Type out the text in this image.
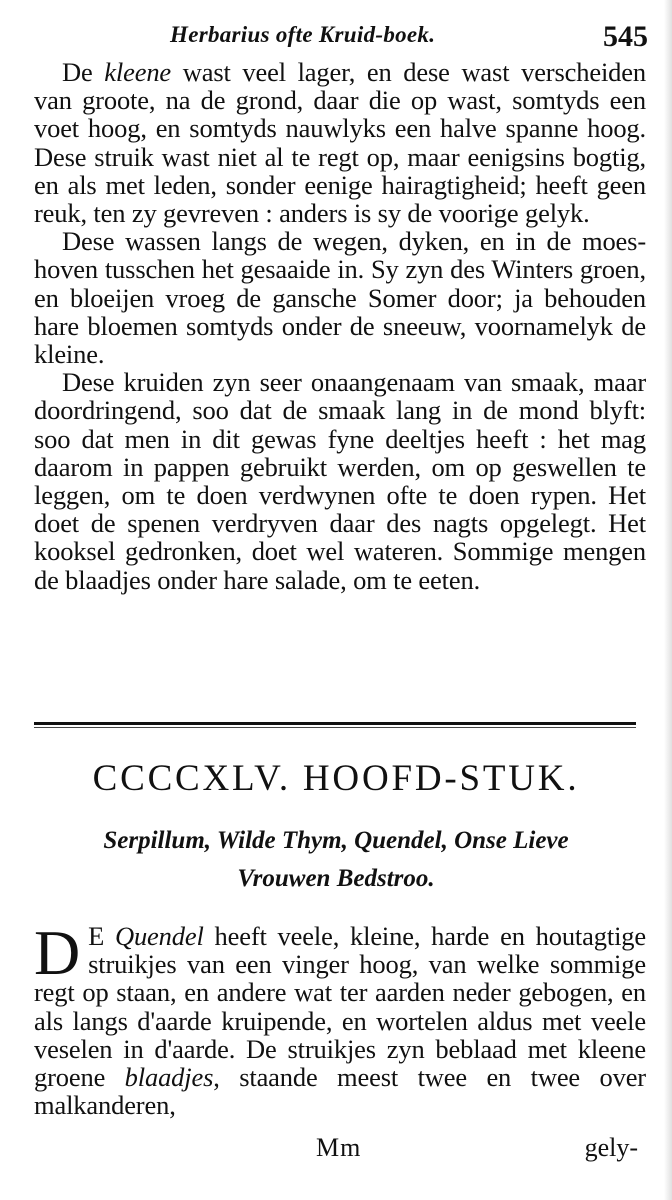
Herbarius ofte Kruid-boek.	545

De kleene wast veel lager, en dese wast verscheiden van groote, na de grond, daar die op wast, somtyds een voet hoog, en somtyds nauwlyks een halve spanne hoog. Dese struik wast niet al te regt op, maar eenigsins bogtig, en als met leden, sonder eenige hairagtigheid; heeft geen reuk, ten zy gevreven : anders is sy de voorige gelyk.

Dese wassen langs de wegen, dyken, en in de moes-hoven tusschen het gesaaide in. Sy zyn des Winters groen, en bloeijen vroeg de gansche Somer door; ja behouden hare bloemen somtyds onder de sneeuw, voornamelyk de kleine.

Dese kruiden zyn seer onaangenaam van smaak, maar doordringend, soo dat de smaak lang in de mond blyft: soo dat men in dit gewas fyne deeltjes heeft : het mag daarom in pappen gebruikt werden, om op geswellen te leggen, om te doen verdwynen ofte te doen rypen. Het doet de spenen verdryven daar des nagts opgelegt. Het kooksel gedronken, doet wel wateren. Sommige mengen de blaadjes onder hare salade, om te eeten.

CCCCXLV. HOOFD-STUK.
Serpillum, Wilde Thym, Quendel, Onse Lieve
Vrouwen Bedstroo.

D E Quendel heeft veele, kleine, harde en houtagtige struikjes van een vinger hoog, van welke sommige regt op staan, en andere wat ter aarden neder gebogen, en als langs d'aarde kruipende, en wortelen aldus met veele veselen in d'aarde. De struikjes zyn beblaad met kleene groene blaadjes, staande meest twee en twee over malkanderen,

Mm	gely-
